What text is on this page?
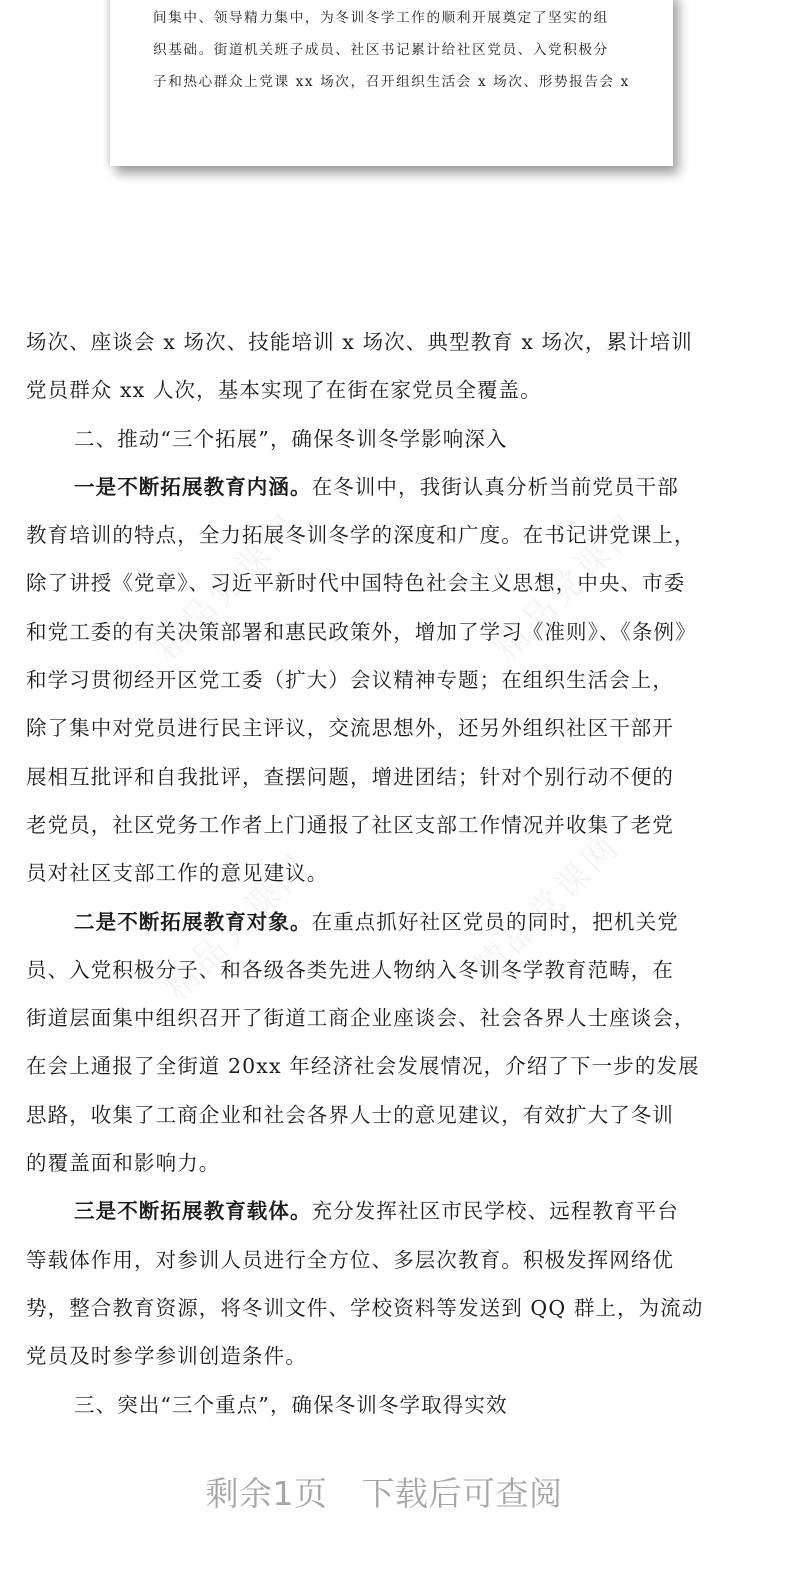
间集中、领导精力集中，为冬训冬学工作的顺利开展奠定了坚实的组
织基础。街道机关班子成员、社区书记累计给社区党员、入党积极分
子和热心群众上党课 xx 场次，召开组织生活会 x 场次、形势报告会 x
场次、座谈会 x 场次、技能培训 x 场次、典型教育 x 场次，累计培训
党员群众 xx 人次，基本实现了在街在家党员全覆盖。
二、推动“三个拓展”，确保冬训冬学影响深入
一是不断拓展教育内涵。在冬训中，我街认真分析当前党员干部
教育培训的特点，全力拓展冬训冬学的深度和广度。在书记讲党课上，
除了讲授《党章》、习近平新时代中国特色社会主义思想，中央、市委
和党工委的有关决策部署和惠民政策外，增加了学习《准则》、《条例》
和学习贯彻经开区党工委（扩大）会议精神专题；在组织生活会上，
除了集中对党员进行民主评议，交流思想外，还另外组织社区干部开
展相互批评和自我批评，查摆问题，增进团结；针对个别行动不便的
老党员，社区党务工作者上门通报了社区支部工作情况并收集了老党
员对社区支部工作的意见建议。
二是不断拓展教育对象。在重点抓好社区党员的同时，把机关党
员、入党积极分子、和各级各类先进人物纳入冬训冬学教育范畴，在
街道层面集中组织召开了街道工商企业座谈会、社会各界人士座谈会，
在会上通报了全街道 20xx 年经济社会发展情况，介绍了下一步的发展
思路，收集了工商企业和社会各界人士的意见建议，有效扩大了冬训
的覆盖面和影响力。
三是不断拓展教育载体。充分发挥社区市民学校、远程教育平台
等载体作用，对参训人员进行全方位、多层次教育。积极发挥网络优
势，整合教育资源，将冬训文件、学校资料等发送到 QQ 群上，为流动
党员及时参学参训创造条件。
三、突出“三个重点”，确保冬训冬学取得实效
剩余1页 下载后可查阅
